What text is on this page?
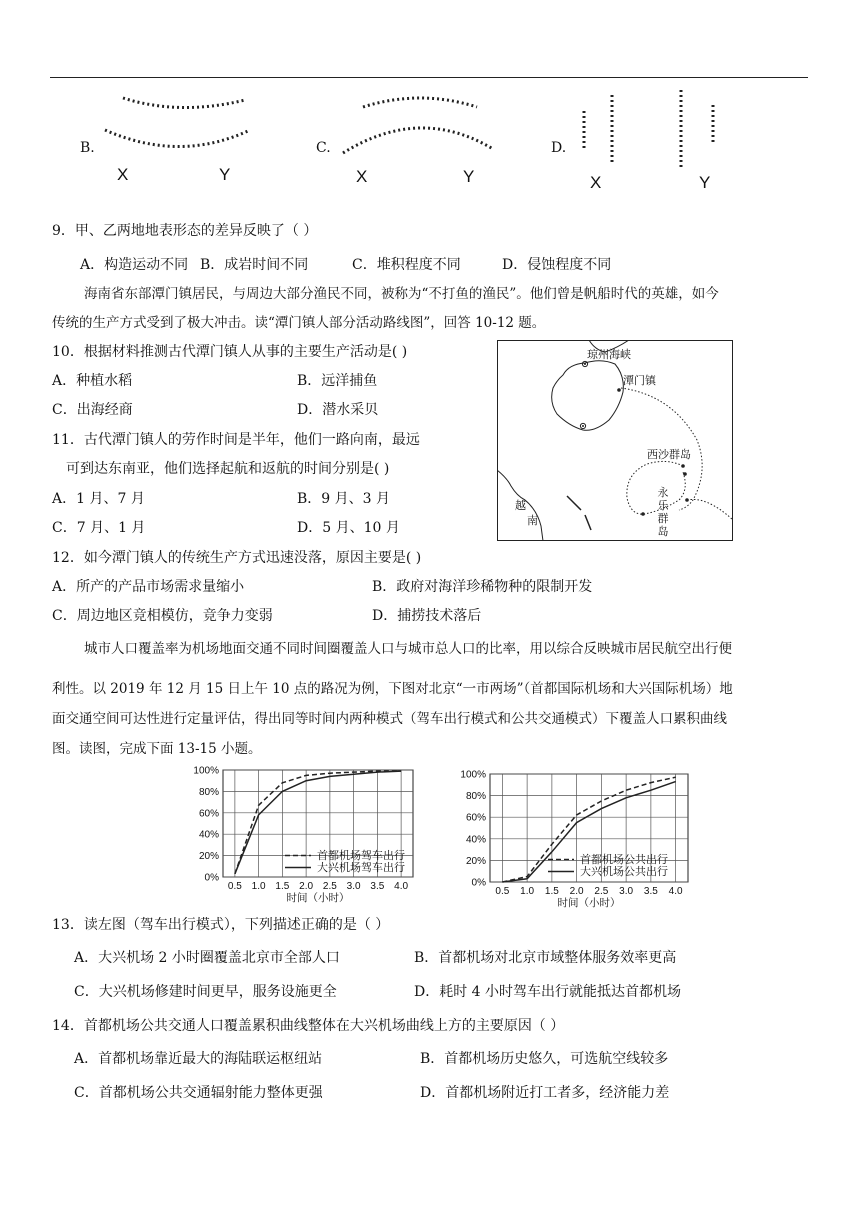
B.
X	Y
C.
X	Y
D.
X	Y
9．甲、乙两地地表形态的差异反映了（ ）
A．构造运动不同 B．成岩时间不同	C．堆积程度不同	D．侵蚀程度不同
海南省东部潭门镇居民，与周边大部分渔民不同，被称为“不打鱼的渔民”。他们曾是帆船时代的英雄，如今
传统的生产方式受到了极大冲击。读“潭门镇人部分活动路线图”，回答 10-12 题。
10．根据材料推测古代潭门镇人从事的主要生产活动是( )
A．种植水稻	B．远洋捕鱼
C．出海经商	D．潜水采贝
11．古代潭门镇人的劳作时间是半年，他们一路向南，最远
可到达东南亚，他们选择起航和返航的时间分别是( )
A．1 月、7 月	B．9 月、3 月
C．7 月、1 月	D．5 月、10 月
12．如今潭门镇人的传统生产方式迅速没落，原因主要是( )
A．所产的产品市场需求量缩小	B．政府对海洋珍稀物种的限制开发
C．周边地区竞相模仿，竞争力变弱	D．捕捞技术落后
琼州海峡
潭门镇
西沙群岛
永
乐
群
岛
越
南
城市人口覆盖率为机场地面交通不同时间圈覆盖人口与城市总人口的比率，用以综合反映城市居民航空出行便
利性。以 2019 年 12 月 15 日上午 10 点的路况为例，下图对北京“一市两场”（首都国际机场和大兴国际机场）地
面交通空间可达性进行定量评估，得出同等时间内两种模式（驾车出行模式和公共交通模式）下覆盖人口累积曲线
图。读图，完成下面 13-15 小题。
0%
20%
40%
60%
80%
100%
0.5 1.0 1.5 2.0 2.5 3.0 3.5 4.0
时间（小时）
首都机场驾车出行
大兴机场驾车出行
0%
20%
40%
60%
80%
100%
0.5 1.0 1.5 2.0 2.5 3.0 3.5 4.0
时间（小时）
首都机场公共出行
大兴机场公共出行
13．读左图（驾车出行模式），下列描述正确的是（ ）
A．大兴机场 2 小时圈覆盖北京市全部人口	B．首都机场对北京市域整体服务效率更高
C．大兴机场修建时间更早，服务设施更全	D．耗时 4 小时驾车出行就能抵达首都机场
14．首都机场公共交通人口覆盖累积曲线整体在大兴机场曲线上方的主要原因（ ）
A．首都机场靠近最大的海陆联运枢纽站	B．首都机场历史悠久，可选航空线较多
C．首都机场公共交通辐射能力整体更强	D．首都机场附近打工者多，经济能力差
